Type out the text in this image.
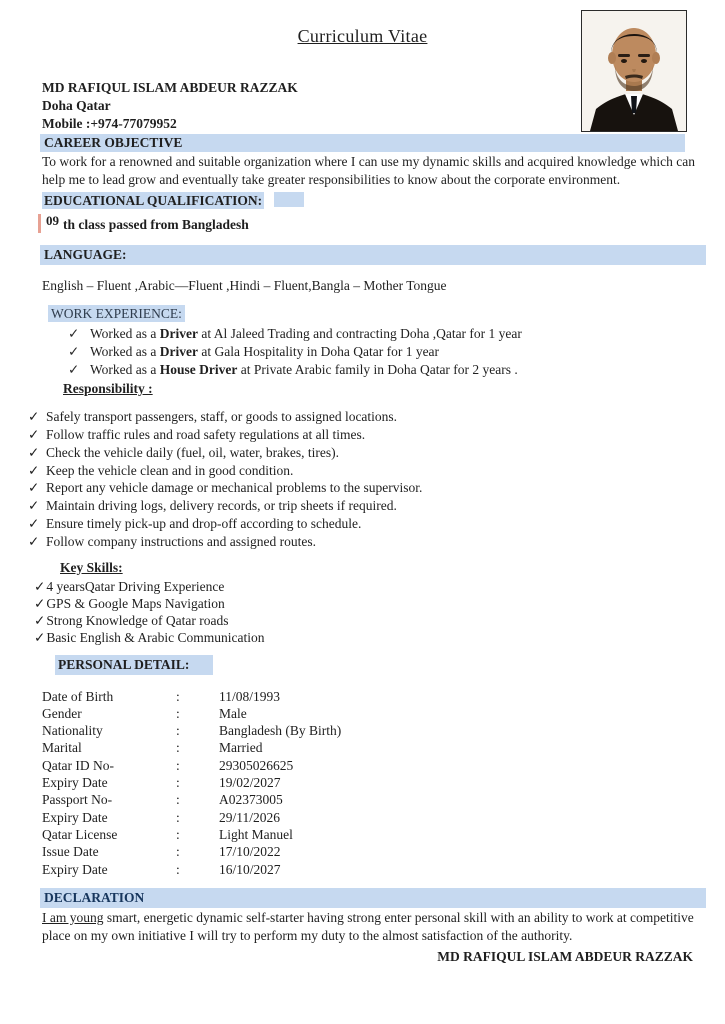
Curriculum Vitae
MD RAFIQUL ISLAM ABDEUR RAZZAK
Doha Qatar
Mobile :+974-77079952
CAREER OBJECTIVE
To work for a renowned and suitable organization where I can use my dynamic skills and acquired knowledge which can help me to lead grow and eventually take greater responsibilities to know about the corporate environment.
EDUCATIONAL QUALIFICATION:
09 th class passed from Bangladesh
LANGUAGE:
English – Fluent ,Arabic—Fluent ,Hindi – Fluent,Bangla – Mother Tongue
WORK EXPERIENCE:
✓ Worked as a Driver at Al Jaleed Trading and contracting Doha ,Qatar for 1 year
✓ Worked as a Driver at Gala Hospitality in Doha Qatar for 1 year
✓ Worked as a House Driver at Private Arabic family in Doha Qatar for 2 years .
Responsibility :
✓ Safely transport passengers, staff, or goods to assigned locations.
✓ Follow traffic rules and road safety regulations at all times.
✓ Check the vehicle daily (fuel, oil, water, brakes, tires).
✓ Keep the vehicle clean and in good condition.
✓ Report any vehicle damage or mechanical problems to the supervisor.
✓ Maintain driving logs, delivery records, or trip sheets if required.
✓ Ensure timely pick-up and drop-off according to schedule.
✓ Follow company instructions and assigned routes.
Key Skills:
✓4 yearsQatar Driving Experience
✓GPS & Google Maps Navigation
✓Strong Knowledge of Qatar roads
✓Basic English & Arabic Communication
PERSONAL DETAIL:
Date of Birth	:	11/08/1993
Gender	:	Male
Nationality	:	Bangladesh (By Birth)
Marital	:	Married
Qatar ID No-	:	29305026625
Expiry Date	:	19/02/2027
Passport No-	:	A02373005
Expiry Date	:	29/11/2026
Qatar License	:	Light Manuel
Issue Date	:	17/10/2022
Expiry Date	:	16/10/2027
DECLARATION
I am young smart, energetic dynamic self-starter having strong enter personal skill with an ability to work at competitive place on my own initiative I will try to perform my duty to the almost satisfaction of the authority.
MD RAFIQUL ISLAM ABDEUR RAZZAK
